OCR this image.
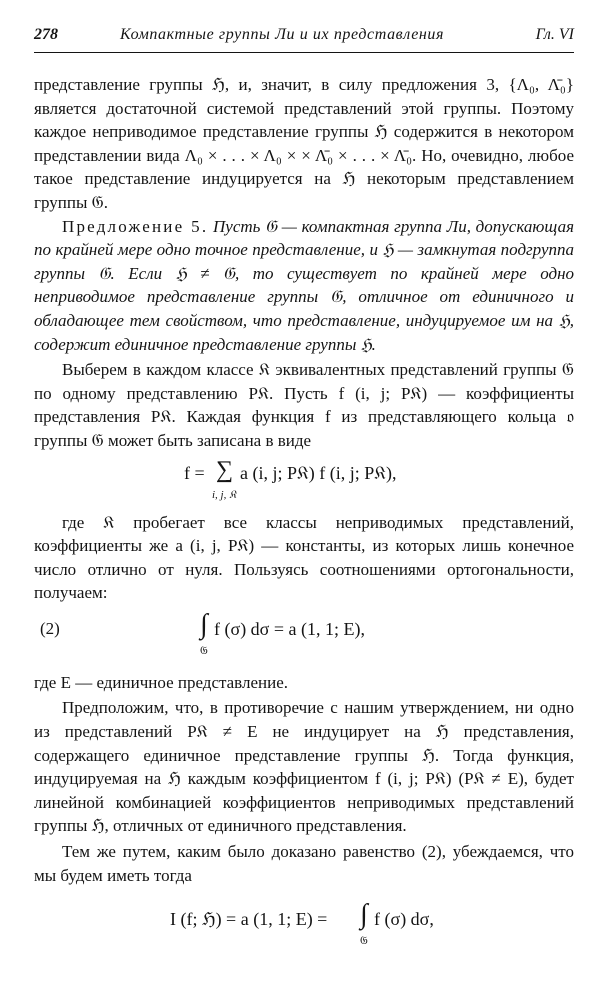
278	Компактные группы Ли и их представления	Гл. VI

представление группы ℌ, и, значит, в силу предложения 3, {Λ₀, Λ̄₀} является достаточной системой представлений этой группы. Поэтому каждое неприводимое представление группы ℌ содержится в некотором представлении вида Λ₀ × . . . × Λ₀ × × Λ̄₀ × . . . × Λ̄₀. Но, очевидно, любое такое представление индуцируется на ℌ некоторым представлением группы 𝔊.

Предложение 5. Пусть 𝔊 — компактная группа Ли, допускающая по крайней мере одно точное представление, и ℌ — замкнутая подгруппа группы 𝔊. Если ℌ ≠ 𝔊, то существует по крайней мере одно неприводимое представление группы 𝔊, отличное от единичного и обладающее тем свойством, что представление, индуцируемое им на ℌ, содержит единичное представление группы ℌ.

Выберем в каждом классе 𝔎 эквивалентных представлений группы 𝔊 по одному представлению P𝔎. Пусть f (i, j; P𝔎) — коэффициенты представления P𝔎. Каждая функция f из представляющего кольца 𝔬 группы 𝔊 может быть записана в виде

f = ∑
i, j, 𝔎
a (i, j; P𝔎) f (i, j; P𝔎),

где 𝔎 пробегает все классы неприводимых представлений, коэффициенты же a (i, j, P𝔎) — константы, из которых лишь конечное число отлично от нуля. Пользуясь соотношениями ортогональности, получаем:

(2)	∫
𝔊
f (σ) dσ = a (1, 1; E),

где E — единичное представление.

Предположим, что, в противоречие с нашим утверждением, ни одно из представлений P𝔎 ≠ E не индуцирует на ℌ представления, содержащего единичное представление группы ℌ. Тогда функция, индуцируемая на ℌ каждым коэффициентом f (i, j; P𝔎) (P𝔎 ≠ E), будет линейной комбинацией коэффициентов неприводимых представлений группы ℌ, отличных от единичного представления.

Тем же путем, каким было доказано равенство (2), убеждаемся, что мы будем иметь тогда

I (f; ℌ) = a (1, 1; E) = ∫
𝔊
f (σ) dσ,
